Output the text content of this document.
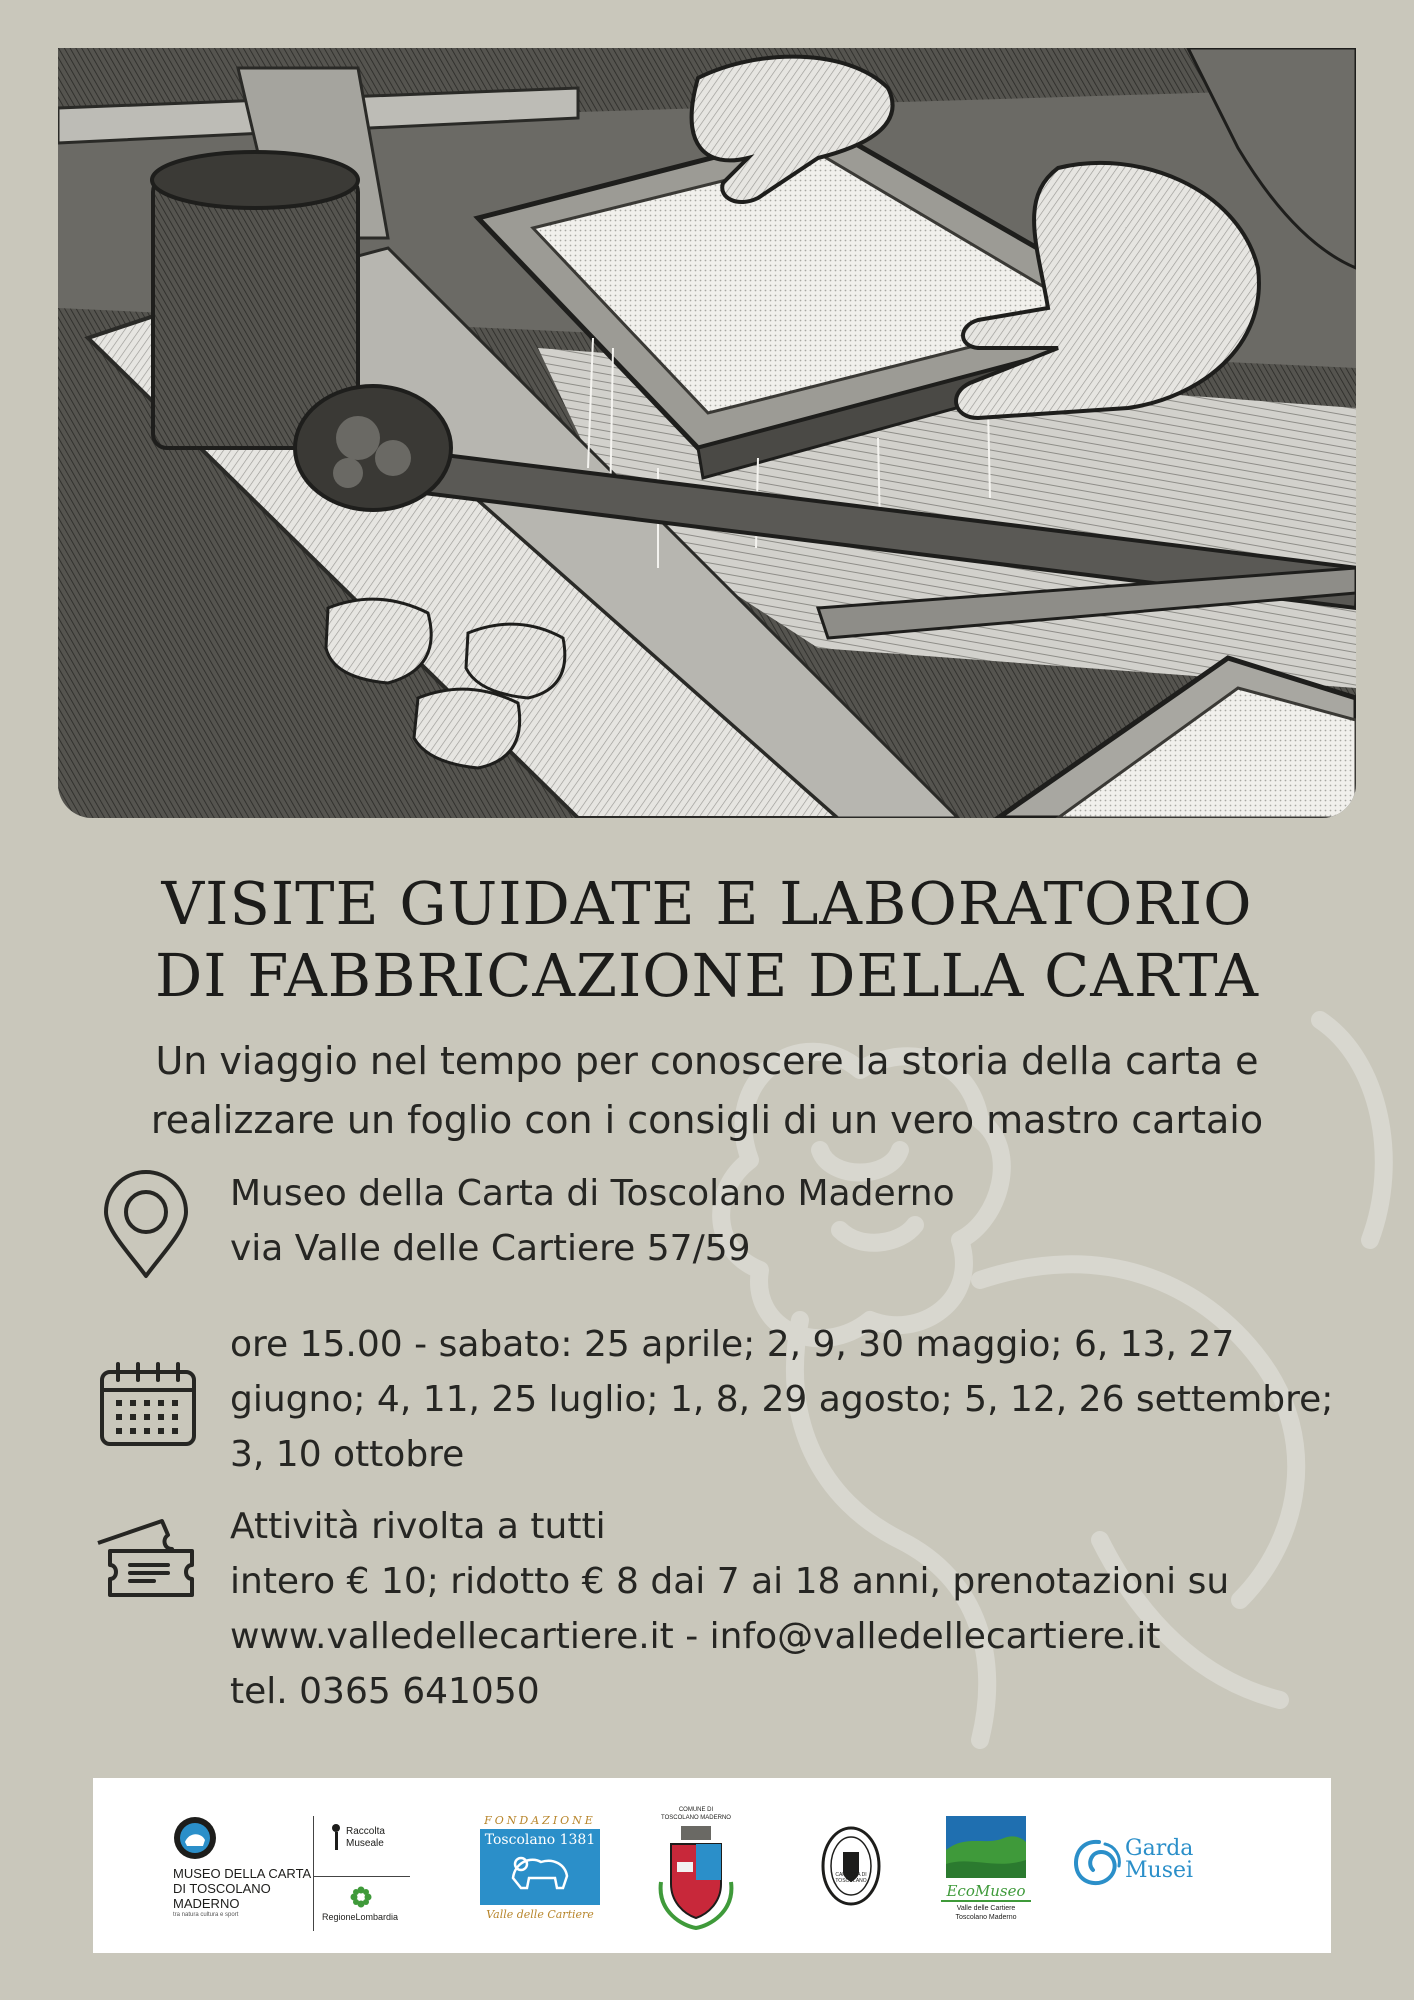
VISITE GUIDATE E LABORATORIO
DI FABBRICAZIONE DELLA CARTA
Un viaggio nel tempo per conoscere la storia della carta e
realizzare un foglio con i consigli di un vero mastro cartaio
Museo della Carta di Toscolano Maderno
via Valle delle Cartiere 57/59
ore 15.00 - sabato: 25 aprile; 2, 9, 30 maggio; 6, 13, 27
giugno; 4, 11, 25 luglio; 1, 8, 29 agosto; 5, 12, 26 settembre;
3, 10 ottobre
Attività rivolta a tutti
intero € 10; ridotto € 8 dai 7 ai 18 anni, prenotazioni su
www.valledellecartiere.it - info@valledellecartiere.it
tel. 0365 641050
MUSEO DELLA CARTA
DI TOSCOLANO
MADERNO
tra natura cultura e sport
Raccolta
Museale
RegioneLombardia
FONDAZIONE
Toscolano 1381
Valle delle Cartiere
COMUNE DI
TOSCOLANO MADERNO
CARTIERA DI TOSCOLANO
EcoMuseo
Valle delle Cartiere
Toscolano Maderno
Garda
Musei
